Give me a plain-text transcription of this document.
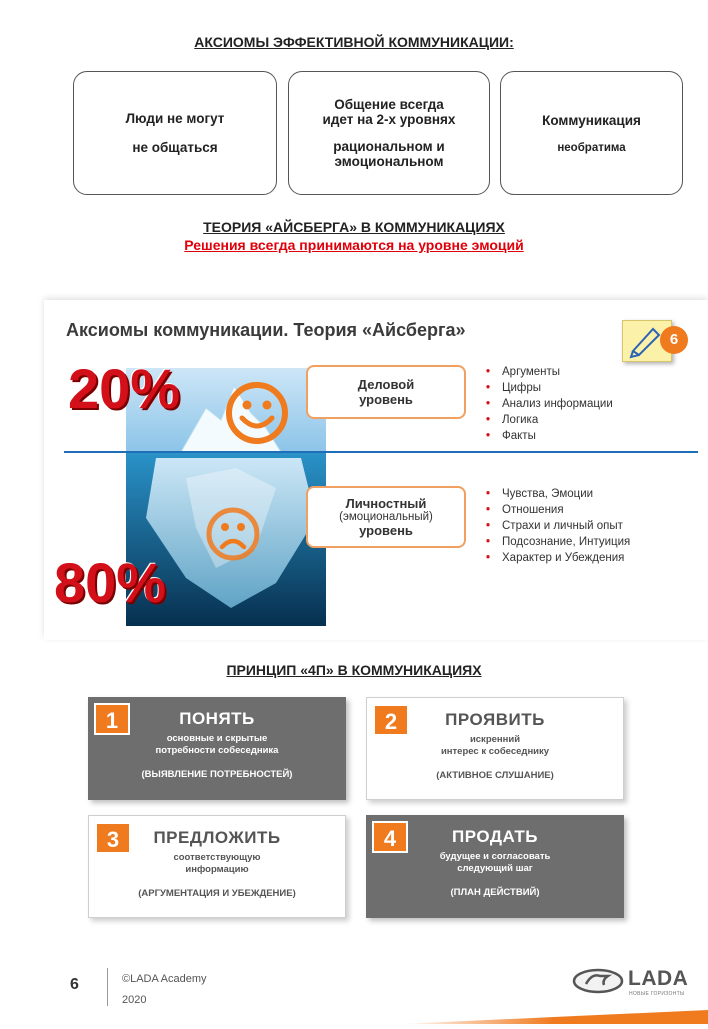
АКСИОМЫ ЭФФЕКТИВНОЙ КОММУНИКАЦИИ:
Люди не могут
не общаться
Общение всегда
идет на 2-х уровнях
рациональном и
эмоциональном
Коммуникация
необратима
ТЕОРИЯ «АЙСБЕРГА» В КОММУНИКАЦИЯХ
Решения всегда принимаются на уровне эмоций
Аксиомы коммуникации. Теория «Айсберга»	6
20%
80%
Деловой
уровень
Личностный
(эмоциональный)
уровень
• Аргументы
• Цифры
• Анализ информации
• Логика
• Факты
• Чувства, Эмоции
• Отношения
• Страхи и личный опыт
• Подсознание, Интуиция
• Характер и Убеждения
ПРИНЦИП «4П» В КОММУНИКАЦИЯХ
1	ПОНЯТЬ
основные и скрытые
потребности собеседника
(ВЫЯВЛЕНИЕ ПОТРЕБНОСТЕЙ)
2	ПРОЯВИТЬ
искренний
интерес к собеседнику
(АКТИВНОЕ СЛУШАНИЕ)
3	ПРЕДЛОЖИТЬ
соответствующую
информацию
(АРГУМЕНТАЦИЯ И УБЕЖДЕНИЕ)
4	ПРОДАТЬ
будущее и согласовать
следующий шаг
(ПЛАН ДЕЙСТВИЙ)
6	©LADA Academy
2020
LADA
НОВЫЕ ГОРИЗОНТЫ
